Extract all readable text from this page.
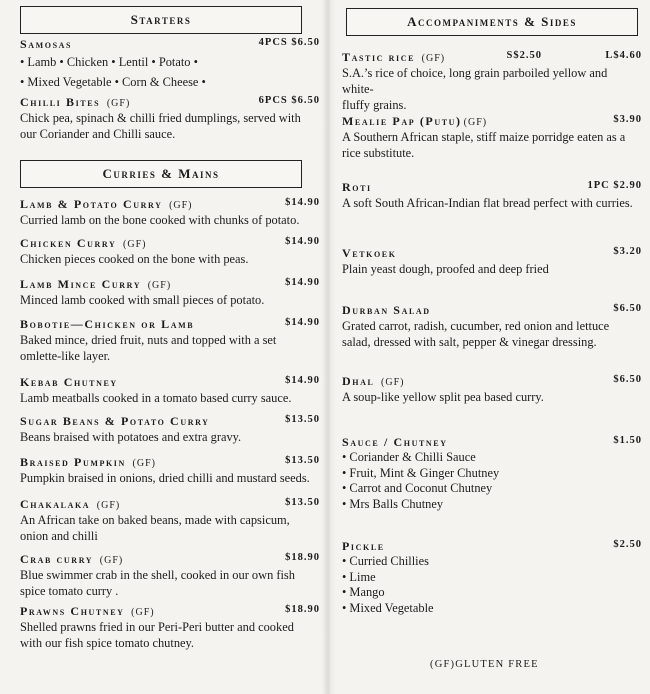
Starters
Samosas	4PCS $6.50
• Lamb • Chicken • Lentil • Potato •
• Mixed Vegetable • Corn & Cheese •
Chilli Bites (GF)	6PCS $6.50
Chick pea, spinach & chilli fried dumplings, served with
our Coriander and Chilli sauce.
Curries & Mains
Lamb & Potato Curry (GF)	$14.90
Curried lamb on the bone cooked with chunks of potato.
Chicken Curry (GF)	$14.90
Chicken pieces cooked on the bone with peas.
Lamb Mince Curry (GF)	$14.90
Minced lamb cooked with small pieces of potato.
Bobotie—Chicken or Lamb	$14.90
Baked mince, dried fruit, nuts and topped with a set
omlette-like layer.
Kebab Chutney	$14.90
Lamb meatballs cooked in a tomato based curry sauce.
Sugar Beans & Potato Curry	$13.50
Beans braised with potatoes and extra gravy.
Braised Pumpkin (GF)	$13.50
Pumpkin braised in onions, dried chilli and mustard seeds.
Chakalaka (GF)	$13.50
An African take on baked beans, made with capsicum,
onion and chilli
Crab curry (GF)	$18.90
Blue swimmer crab in the shell, cooked in our own fish
spice tomato curry .
Prawns Chutney (GF)	$18.90
Shelled prawns fried in our Peri-Peri butter and cooked
with our fish spice tomato chutney.
Accompaniments & Sides
Tastic rice (GF)	S$2.50	L$4.60
S.A.’s rice of choice, long grain parboiled yellow and white-
fluffy grains.
Mealie Pap (Putu) (GF)	$3.90
A Southern African staple, stiff maize porridge eaten as a
rice substitute.
Roti	1PC $2.90
A soft South African-Indian flat bread perfect with curries.
Vetkoek	$3.20
Plain yeast dough, proofed and deep fried
Durban Salad	$6.50
Grated carrot, radish, cucumber, red onion and lettuce
salad, dressed with salt, pepper & vinegar dressing.
Dhal (GF)	$6.50
A soup-like yellow split pea based curry.
Sauce / Chutney	$1.50
• Coriander & Chilli Sauce
• Fruit, Mint & Ginger Chutney
• Carrot and Coconut Chutney
• Mrs Balls Chutney
Pickle	$2.50
• Curried Chillies
• Lime
• Mango
• Mixed Vegetable
(GF)GLUTEN FREE
